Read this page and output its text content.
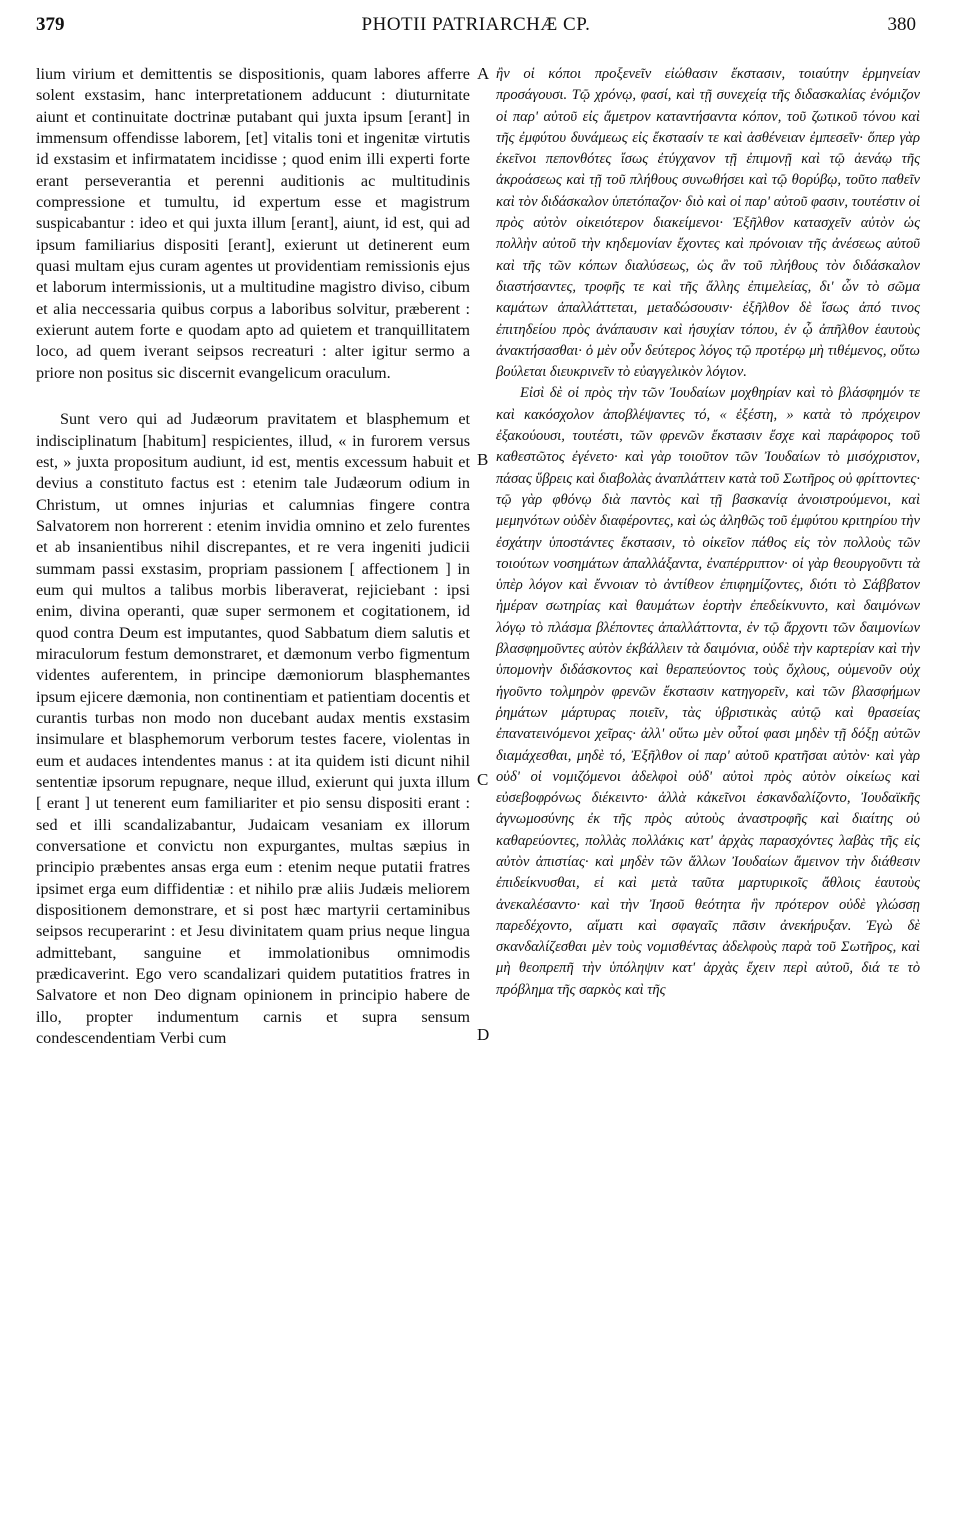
379	PHOTII PATRIARCHÆ CP.	380

lium virium et demittentis se dispositionis, quam labores afferre solent exstasim, hanc interpretationem adducunt : diuturnitate aiunt et continuitate doctrinæ putabant qui juxta ipsum [erant] in immensum offendisse laborem, [et] vitalis toni et ingenitæ virtutis id exstasim et infirmatatem incidisse ; quod enim illi experti forte erant perseverantia et perenni auditionis ac multitudinis compressione et tumultu, id expertum esse et magistrum suspicabantur : ideo et qui juxta illum [erant], aiunt, id est, qui ad ipsum familiarius dispositi [erant], exierunt ut detinerent eum quasi multam ejus curam agentes ut providentiam remissionis ejus et laborum intermissionis, ut a multitudine magistro diviso, cibum et alia neccessaria quibus corpus a laboribus solvitur, præberent : exierunt autem forte e quodam apto ad quietem et tranquillitatem loco, ad quem iverant seipsos recreaturi : alter igitur sermo a priore non positus sic discernit evangelicum oraculum.

Sunt vero qui ad Judæorum pravitatem et blasphemum et indisciplinatum [habitum] respicientes, illud, « in furorem versus est, » juxta propositum audiunt, id est, mentis excessum habuit et devius a constituto factus est : etenim tale Judæorum odium in Christum, ut omnes injurias et calumnias fingere contra Salvatorem non horrerent : etenim invidia omnino et zelo furentes et ab insanientibus nihil discrepantes, et re vera ingeniti judicii summam passi exstasim, propriam passionem [ affectionem ] in eum qui multos a talibus morbis liberaverat, rejiciebant : ipsi enim, divina operanti, quæ super sermonem et cogitationem, id quod contra Deum est imputantes, quod Sabbatum diem salutis et miraculorum festum demonstraret, et dæmonum verbo figmentum videntes auferentem, in principe dæmoniorum blasphemantes ipsum ejicere dæmonia, non continentiam et patientiam docentis et curantis turbas non modo non ducebant audax mentis exstasim insimulare et blasphemorum verborum testes facere, violentas in eum et audaces intendentes manus : at ita quidem isti dicunt nihil sententiæ ipsorum repugnare, neque illud, exierunt qui juxta illum [ erant ] ut tenerent eum familiariter et pio sensu dispositi erant : sed et illi scandalizabantur, Judaicam vesaniam ex illorum conversatione et convictu non expurgantes, multas sæpius in principio præbentes ansas erga eum : etenim neque putatii fratres ipsimet erga eum diffidentiæ : et nihilo præ aliis Judæis meliorem dispositionem demonstrare, et si post hæc martyrii certaminibus seipsos recuperarint : et Jesu divinitatem quam prius neque lingua admittebant, sanguine et immolationibus omnimodis prædicaverint. Ego vero scandalizari quidem putatitios fratres in Salvatore et non Deo dignam opinionem in principio habere de illo, propter indumentum carnis et supra sensum condescendentiam Verbi cum

A
B
C
D

ἢν οἱ κόποι προξενεῖν εἰώθασιν ἔκστασιν, τοιαύτην ἑρμηνείαν προσάγουσι. Τῷ χρόνῳ, φασί, καὶ τῇ συνεχείᾳ τῆς διδασκαλίας ἐνόμιζον οἱ παρ' αὐτοῦ εἰς ἄμετρον καταντήσαντα κόπον, τοῦ ζωτικοῦ τόνου καὶ τῆς ἐμφύτου δυνάμεως εἰς ἔκστασίν τε καὶ ἀσθένειαν ἐμπεσεῖν· ὅπερ γὰρ ἐκεῖνοι πεπονθότες ἴσως ἐτύγχανον τῇ ἐπιμονῇ καὶ τῷ ἀενάῳ τῆς ἀκροάσεως καὶ τῇ τοῦ πλήθους συνωθήσει καὶ τῷ θορύβῳ, τοῦτο παθεῖν καὶ τὸν διδάσκαλον ὑπετόπαζον· διὸ καὶ οἱ παρ' αὐτοῦ φασιν, τουτέστιν οἱ πρὸς αὐτὸν οἰκειότερον διακείμενοι· Ἐξῆλθον κατασχεῖν αὐτὸν ὡς πολλὴν αὐτοῦ τὴν κηδεμονίαν ἔχοντες καὶ πρόνοιαν τῆς ἀνέσεως αὐτοῦ καὶ τῆς τῶν κόπων διαλύσεως, ὡς ἂν τοῦ πλήθους τὸν διδάσκαλον διαστήσαντες, τροφῆς τε καὶ τῆς ἄλλης ἐπιμελείας, δι' ὧν τὸ σῶμα καμάτων ἀπαλλάττεται, μεταδώσουσιν· ἐξῆλθον δὲ ἴσως ἀπό τινος ἐπιτηδείου πρὸς ἀνάπαυσιν καὶ ἡσυχίαν τόπου, ἐν ᾧ ἀπῆλθον ἑαυτοὺς ἀνακτήσασθαι· ὁ μὲν οὖν δεύτερος λόγος τῷ προτέρῳ μὴ τιθέμενος, οὕτω βούλεται διευκρινεῖν τὸ εὐαγγελικὸν λόγιον.

Εἰσὶ δὲ οἱ πρὸς τὴν τῶν Ἰουδαίων μοχθηρίαν καὶ τὸ βλάσφημόν τε καὶ κακόσχολον ἀποβλέψαντες τό, « ἐξέστη, » κατὰ τὸ πρόχειρον ἐξακούουσι, τουτέστι, τῶν φρενῶν ἔκστασιν ἔσχε καὶ παράφορος τοῦ καθεστῶτος ἐγένετο· καὶ γὰρ τοιοῦτον τῶν Ἰουδαίων τὸ μισόχριστον, πάσας ὕβρεις καὶ διαβολὰς ἀναπλάττειν κατὰ τοῦ Σωτῆρος οὐ φρίττοντες· τῷ γὰρ φθόνῳ διὰ παντὸς καὶ τῇ βασκανίᾳ ἀνοιστρούμενοι, καὶ μεμηνότων οὐδὲν διαφέροντες, καὶ ὡς ἀληθῶς τοῦ ἐμφύτου κριτηρίου τὴν ἐσχάτην ὑποστάντες ἔκστασιν, τὸ οἰκεῖον πάθος εἰς τὸν πολλοὺς τῶν τοιούτων νοσημάτων ἀπαλλάξαντα, ἐναπέρριπτον· οἱ γὰρ θεουργοῦντι τὰ ὑπὲρ λόγον καὶ ἔννοιαν τὸ ἀντίθεον ἐπιφημίζοντες, διότι τὸ Σάββατον ἡμέραν σωτηρίας καὶ θαυμάτων ἑορτὴν ἐπεδείκνυντο, καὶ δαιμόνων λόγῳ τὸ πλάσμα βλέποντες ἀπαλλάττοντα, ἐν τῷ ἄρχοντι τῶν δαιμονίων βλασφημοῦντες αὐτὸν ἐκβάλλειν τὰ δαιμόνια, οὐδὲ τὴν καρτερίαν καὶ τὴν ὑπομονὴν διδάσκοντος καὶ θεραπεύοντος τοὺς ὄχλους, οὐμενοῦν οὐχ ἡγοῦντο τολμηρὸν φρενῶν ἔκστασιν κατηγορεῖν, καὶ τῶν βλασφήμων ῥημάτων μάρτυρας ποιεῖν, τὰς ὑβριστικὰς αὐτῷ καὶ θρασείας ἐπανατεινόμενοι χεῖρας· ἀλλ' οὕτω μὲν οὗτοί φασι μηδὲν τῇ δόξῃ αὐτῶν διαμάχεσθαι, μηδὲ τό, Ἐξῆλθον οἱ παρ' αὐτοῦ κρατῆσαι αὐτὸν· καὶ γὰρ οὐδ' οἱ νομιζόμενοι ἀδελφοὶ οὐδ' αὐτοὶ πρὸς αὐτὸν οἰκείως καὶ εὐσεβοφρόνως διέκειντο· ἀλλὰ κἀκεῖνοι ἐσκανδαλίζοντο, Ἰουδαϊκῆς ἀγνωμοσύνης ἐκ τῆς πρὸς αὐτοὺς ἀναστροφῆς καὶ διαίτης οὐ καθαρεύοντες, πολλὰς πολλάκις κατ' ἀρχὰς παρασχόντες λαβὰς τῆς εἰς αὐτὸν ἀπιστίας· καὶ μηδὲν τῶν ἄλλων Ἰουδαίων ἄμεινον τὴν διάθεσιν ἐπιδείκνυσθαι, εἰ καὶ μετὰ ταῦτα μαρτυρικοῖς ἄθλοις ἑαυτοὺς ἀνεκαλέσαντο· καὶ τὴν Ἰησοῦ θεότητα ἣν πρότερον οὐδὲ γλώσσῃ παρεδέχοντο, αἵματι καὶ σφαγαῖς πᾶσιν ἀνεκήρυξαν. Ἐγὼ δὲ σκανδαλίζεσθαι μὲν τοὺς νομισθέντας ἀδελφοὺς παρὰ τοῦ Σωτῆρος, καὶ μὴ θεοπρεπῆ τὴν ὑπόληψιν κατ' ἀρχὰς ἔχειν περὶ αὐτοῦ, διά τε τὸ πρόβλημα τῆς σαρκὸς καὶ τῆς
